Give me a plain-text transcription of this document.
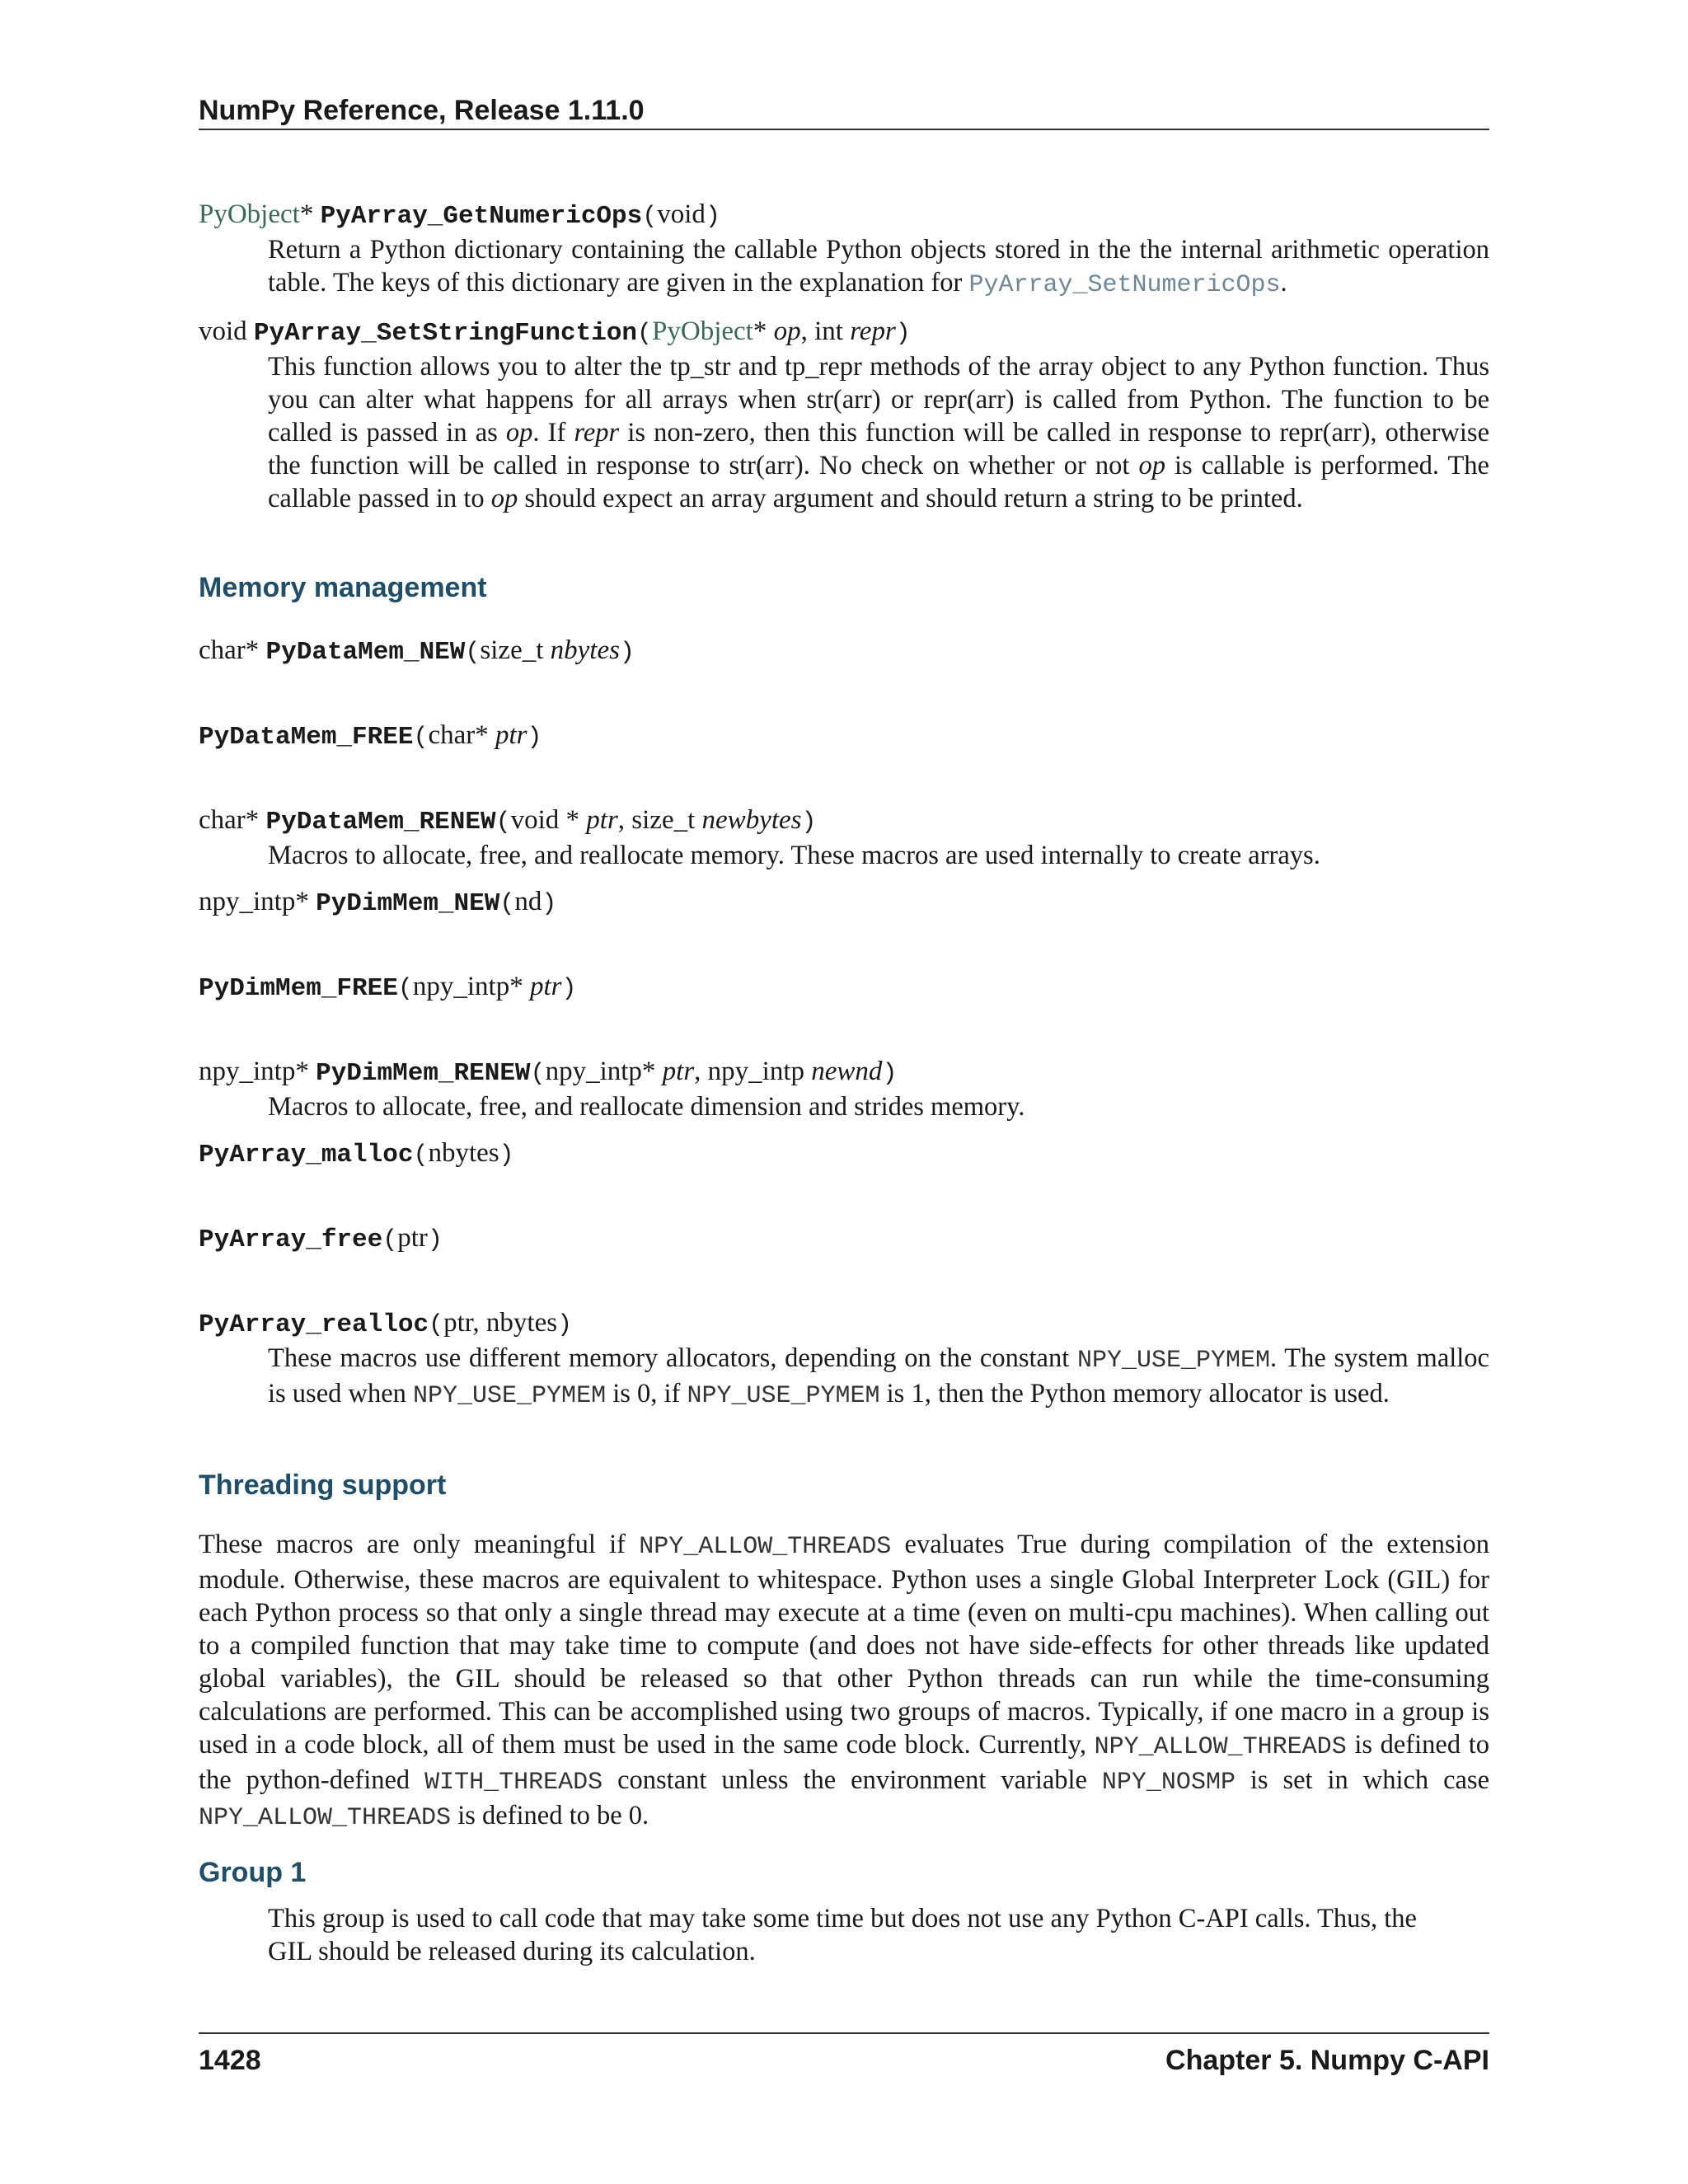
NumPy Reference, Release 1.11.0

PyObject* PyArray_GetNumericOps(void)

Return a Python dictionary containing the callable Python objects stored in the the internal arithmetic operation table. The keys of this dictionary are given in the explanation for PyArray_SetNumericOps.

void PyArray_SetStringFunction(PyObject* op, int repr)

This function allows you to alter the tp_str and tp_repr methods of the array object to any Python function. Thus you can alter what happens for all arrays when str(arr) or repr(arr) is called from Python. The function to be called is passed in as op. If repr is non-zero, then this function will be called in response to repr(arr), otherwise the function will be called in response to str(arr). No check on whether or not op is callable is performed. The callable passed in to op should expect an array argument and should return a string to be printed.

Memory management

char* PyDataMem_NEW(size_t nbytes)

PyDataMem_FREE(char* ptr)

char* PyDataMem_RENEW(void * ptr, size_t newbytes)

Macros to allocate, free, and reallocate memory. These macros are used internally to create arrays.

npy_intp* PyDimMem_NEW(nd)

PyDimMem_FREE(npy_intp* ptr)

npy_intp* PyDimMem_RENEW(npy_intp* ptr, npy_intp newnd)

Macros to allocate, free, and reallocate dimension and strides memory.

PyArray_malloc(nbytes)

PyArray_free(ptr)

PyArray_realloc(ptr, nbytes)

These macros use different memory allocators, depending on the constant NPY_USE_PYMEM. The system malloc is used when NPY_USE_PYMEM is 0, if NPY_USE_PYMEM is 1, then the Python memory allocator is used.

Threading support

These macros are only meaningful if NPY_ALLOW_THREADS evaluates True during compilation of the extension module. Otherwise, these macros are equivalent to whitespace. Python uses a single Global Interpreter Lock (GIL) for each Python process so that only a single thread may execute at a time (even on multi-cpu machines). When calling out to a compiled function that may take time to compute (and does not have side-effects for other threads like updated global variables), the GIL should be released so that other Python threads can run while the time-consuming calculations are performed. This can be accomplished using two groups of macros. Typically, if one macro in a group is used in a code block, all of them must be used in the same code block. Currently, NPY_ALLOW_THREADS is defined to the python-defined WITH_THREADS constant unless the environment variable NPY_NOSMP is set in which case NPY_ALLOW_THREADS is defined to be 0.

Group 1

This group is used to call code that may take some time but does not use any Python C-API calls. Thus, the GIL should be released during its calculation.

1428	Chapter 5. Numpy C-API
